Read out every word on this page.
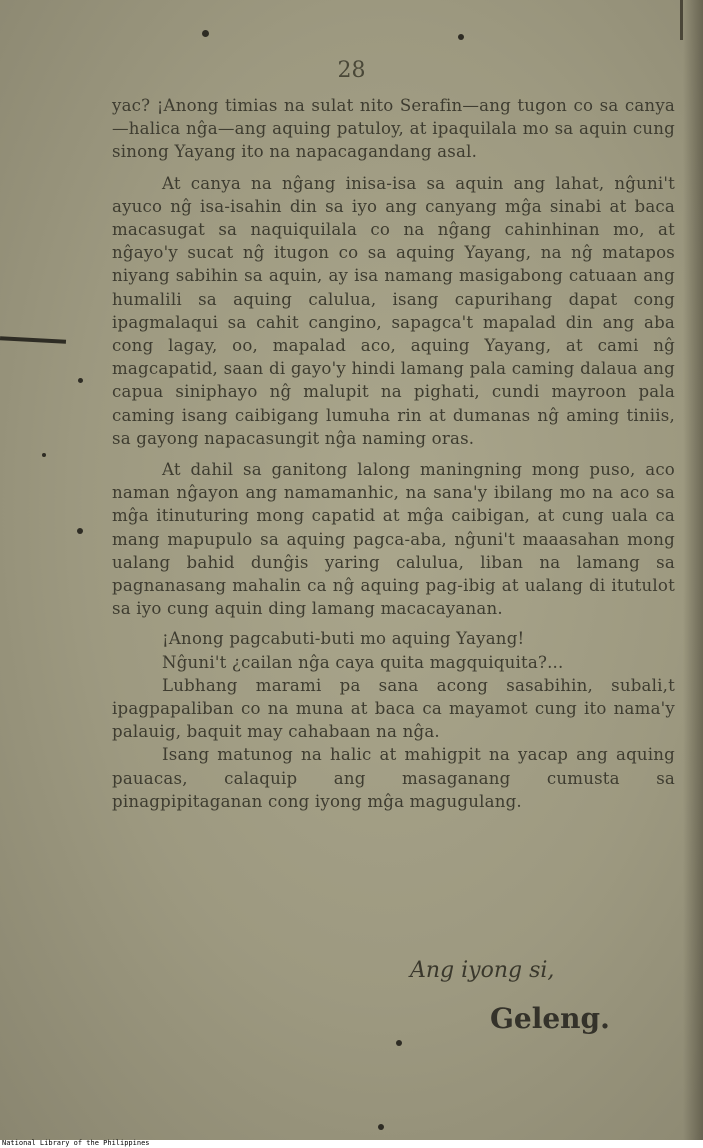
28

yac? ¡Anong timias na sulat nito Serafin—ang tugon co sa canya—halica nĝa—ang aquing patuloy, at ipaquilala mo sa aquin cung sinong Yayang ito na napacagandang asal.

At canya na nĝang inisa-isa sa aquin ang lahat, nĝuni't ayuco nĝ isa-isahin din sa iyo ang canyang mĝa sinabi at baca macasugat sa naquiquilala co na nĝang cahinhinan mo, at nĝayo'y sucat nĝ itugon co sa aquing Yayang, na nĝ matapos niyang sabihin sa aquin, ay isa namang masigabong catuaan ang humalili sa aquing calulua, isang capurihang dapat cong ipagmalaqui sa cahit cangino, sapagca't mapalad din ang aba cong lagay, oo, mapalad aco, aquing Yayang, at cami nĝ magcapatid, saan di gayo'y hindi lamang pala caming dalaua ang capua siniphayo nĝ malupit na pighati, cundi mayroon pala caming isang caibigang lumuha rin at dumanas nĝ aming tiniis, sa gayong napacasungit nĝa naming oras.

At dahil sa ganitong lalong maningning mong puso, aco naman nĝayon ang namamanhic, na sana'y ibilang mo na aco sa mĝa itinuturing mong capatid at mĝa caibigan, at cung uala ca mang mapupulo sa aquing pagca-aba, nĝuni't maaasahan mong ualang bahid dunĝis yaring calulua, liban na lamang sa pagnanasang mahalin ca nĝ aquing pag-ibig at ualang di itutulot sa iyo cung aquin ding lamang macacayanan.

¡Anong pagcabuti-buti mo aquing Yayang!

Nĝuni't ¿cailan nĝa caya quita magquiquita?...

Lubhang marami pa sana acong sasabihin, subali,t ipagpapaliban co na muna at baca ca mayamot cung ito nama'y palauig, baquit may cahabaan na nĝa.

Isang matunog na halic at mahigpit na yacap ang aquing pauacas, calaquip ang masaganang cumusta sa pinagpipitaganan cong iyong mĝa magugulang.

Ang iyong si,
Geleng.
National Library of the Philippines
